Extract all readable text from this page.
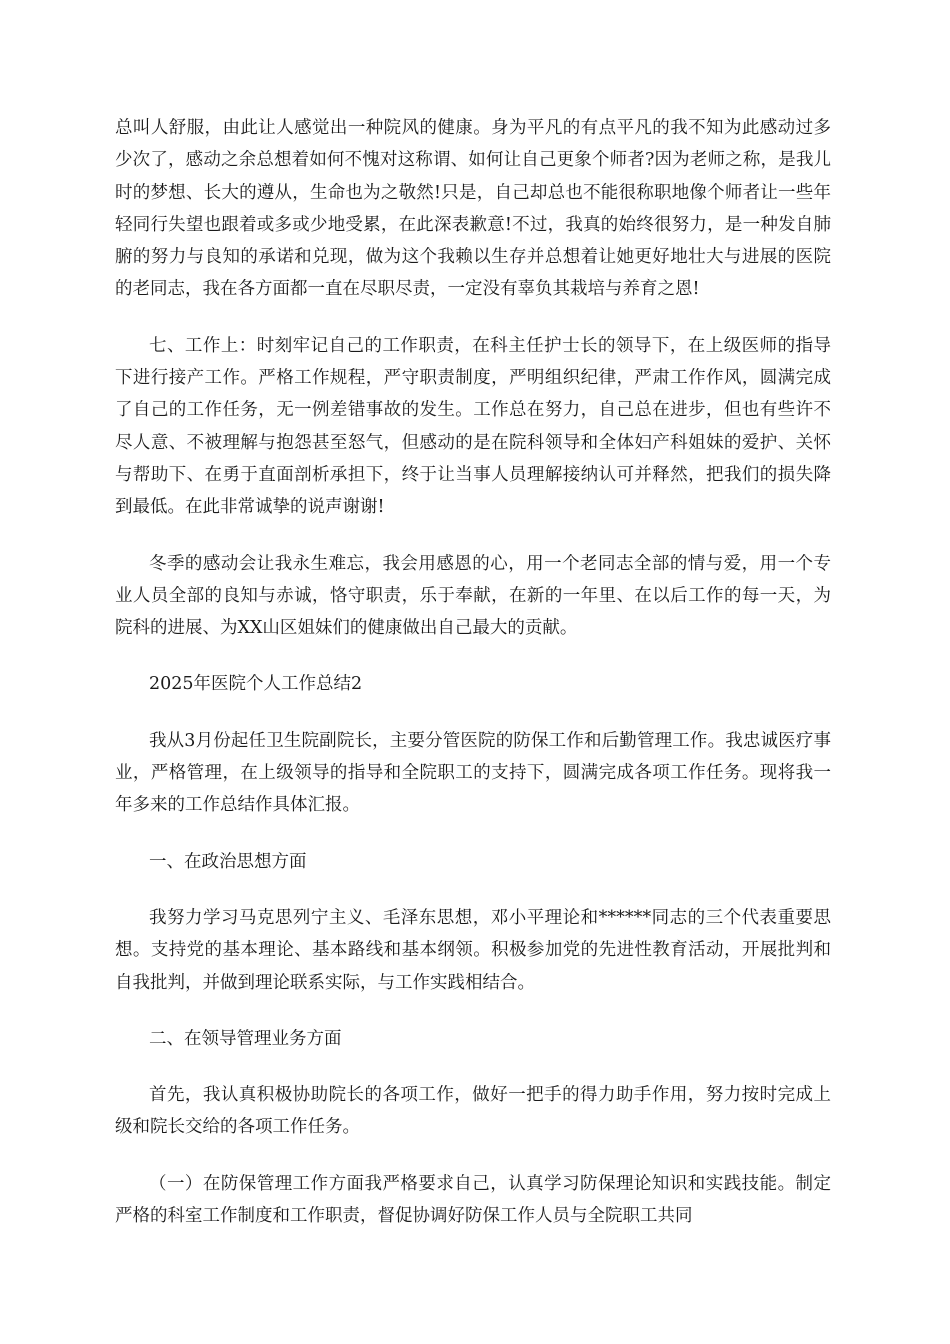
总叫人舒服，由此让人感觉出一种院风的健康。身为平凡的有点平凡的我不知为此感动过多少次了，感动之余总想着如何不愧对这称谓、如何让自己更象个师者?因为老师之称，是我儿时的梦想、长大的遵从，生命也为之敬然!只是，自己却总也不能很称职地像个师者让一些年轻同行失望也跟着或多或少地受累，在此深表歉意!不过，我真的始终很努力，是一种发自肺腑的努力与良知的承诺和兑现，做为这个我赖以生存并总想着让她更好地壮大与进展的医院的老同志，我在各方面都一直在尽职尽责，一定没有辜负其栽培与养育之恩!

七、工作上：时刻牢记自己的工作职责，在科主任护士长的领导下，在上级医师的指导下进行接产工作。严格工作规程，严守职责制度，严明组织纪律，严肃工作作风，圆满完成了自己的工作任务，无一例差错事故的发生。工作总在努力，自己总在进步，但也有些许不尽人意、不被理解与抱怨甚至怒气，但感动的是在院科领导和全体妇产科姐妹的爱护、关怀与帮助下、在勇于直面剖析承担下，终于让当事人员理解接纳认可并释然，把我们的损失降到最低。在此非常诚挚的说声谢谢!

冬季的感动会让我永生难忘，我会用感恩的心，用一个老同志全部的情与爱，用一个专业人员全部的良知与赤诚，恪守职责，乐于奉献，在新的一年里、在以后工作的每一天，为院科的进展、为XX山区姐妹们的健康做出自己最大的贡献。

2025年医院个人工作总结2

我从3月份起任卫生院副院长，主要分管医院的防保工作和后勤管理工作。我忠诚医疗事业，严格管理，在上级领导的指导和全院职工的支持下，圆满完成各项工作任务。现将我一年多来的工作总结作具体汇报。

一、在政治思想方面

我努力学习马克思列宁主义、毛泽东思想，邓小平理论和******同志的三个代表重要思想。支持党的基本理论、基本路线和基本纲领。积极参加党的先进性教育活动，开展批判和自我批判，并做到理论联系实际，与工作实践相结合。

二、在领导管理业务方面

首先，我认真积极协助院长的各项工作，做好一把手的得力助手作用，努力按时完成上级和院长交给的各项工作任务。

（一）在防保管理工作方面我严格要求自己，认真学习防保理论知识和实践技能。制定严格的科室工作制度和工作职责，督促协调好防保工作人员与全院职工共同
